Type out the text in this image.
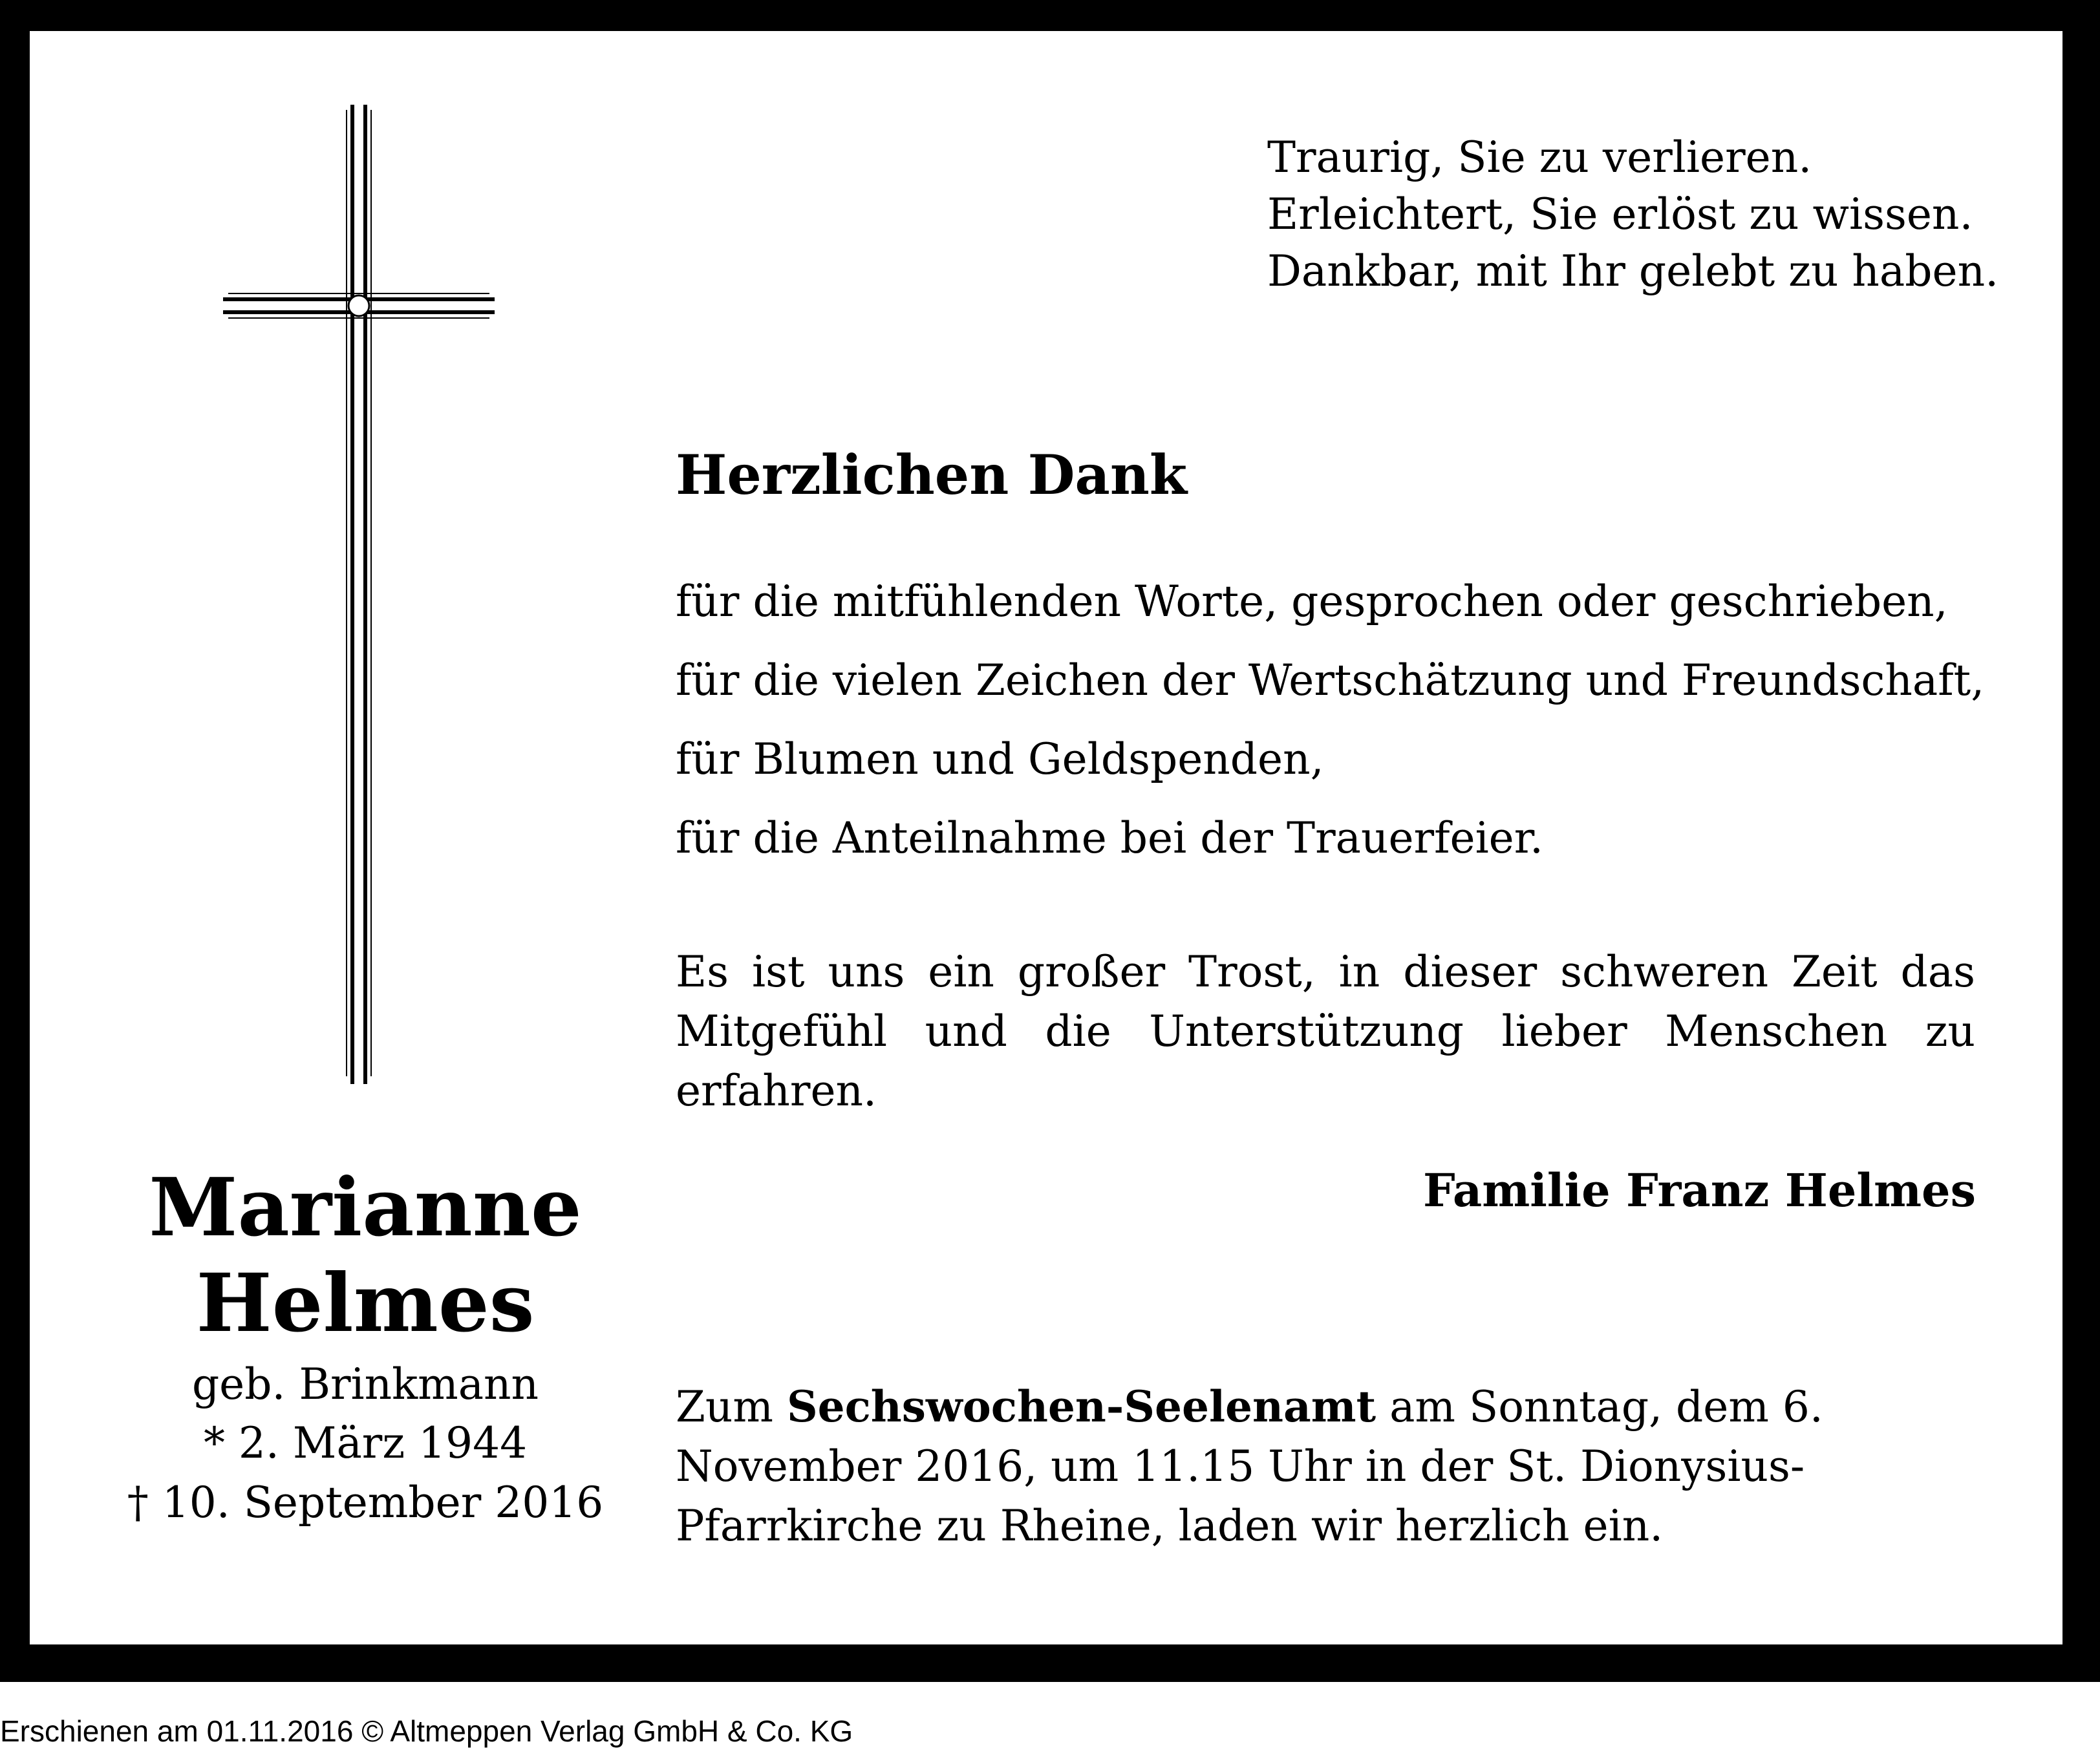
Traurig, Sie zu verlieren.
Erleichtert, Sie erlöst zu wissen.
Dankbar, mit Ihr gelebt zu haben.
Herzlichen Dank
für die mitfühlenden Worte, gesprochen oder geschrieben,
für die vielen Zeichen der Wertschätzung und Freundschaft,
für Blumen und Geldspenden,
für die Anteilnahme bei der Trauerfeier.
Es ist uns ein großer Trost, in dieser schweren Zeit das Mitgefühl und die Unterstützung lieber Menschen zu erfahren.
Familie Franz Helmes
Zum Sechswochen-Seelenamt am Sonntag, dem 6. November 2016, um 11.15 Uhr in der St. Dionysius-Pfarrkirche zu Rheine, laden wir herzlich ein.
Marianne
Helmes
geb. Brinkmann
* 2. März 1944
† 10. September 2016
Erschienen am 01.11.2016 © Altmeppen Verlag GmbH & Co. KG
